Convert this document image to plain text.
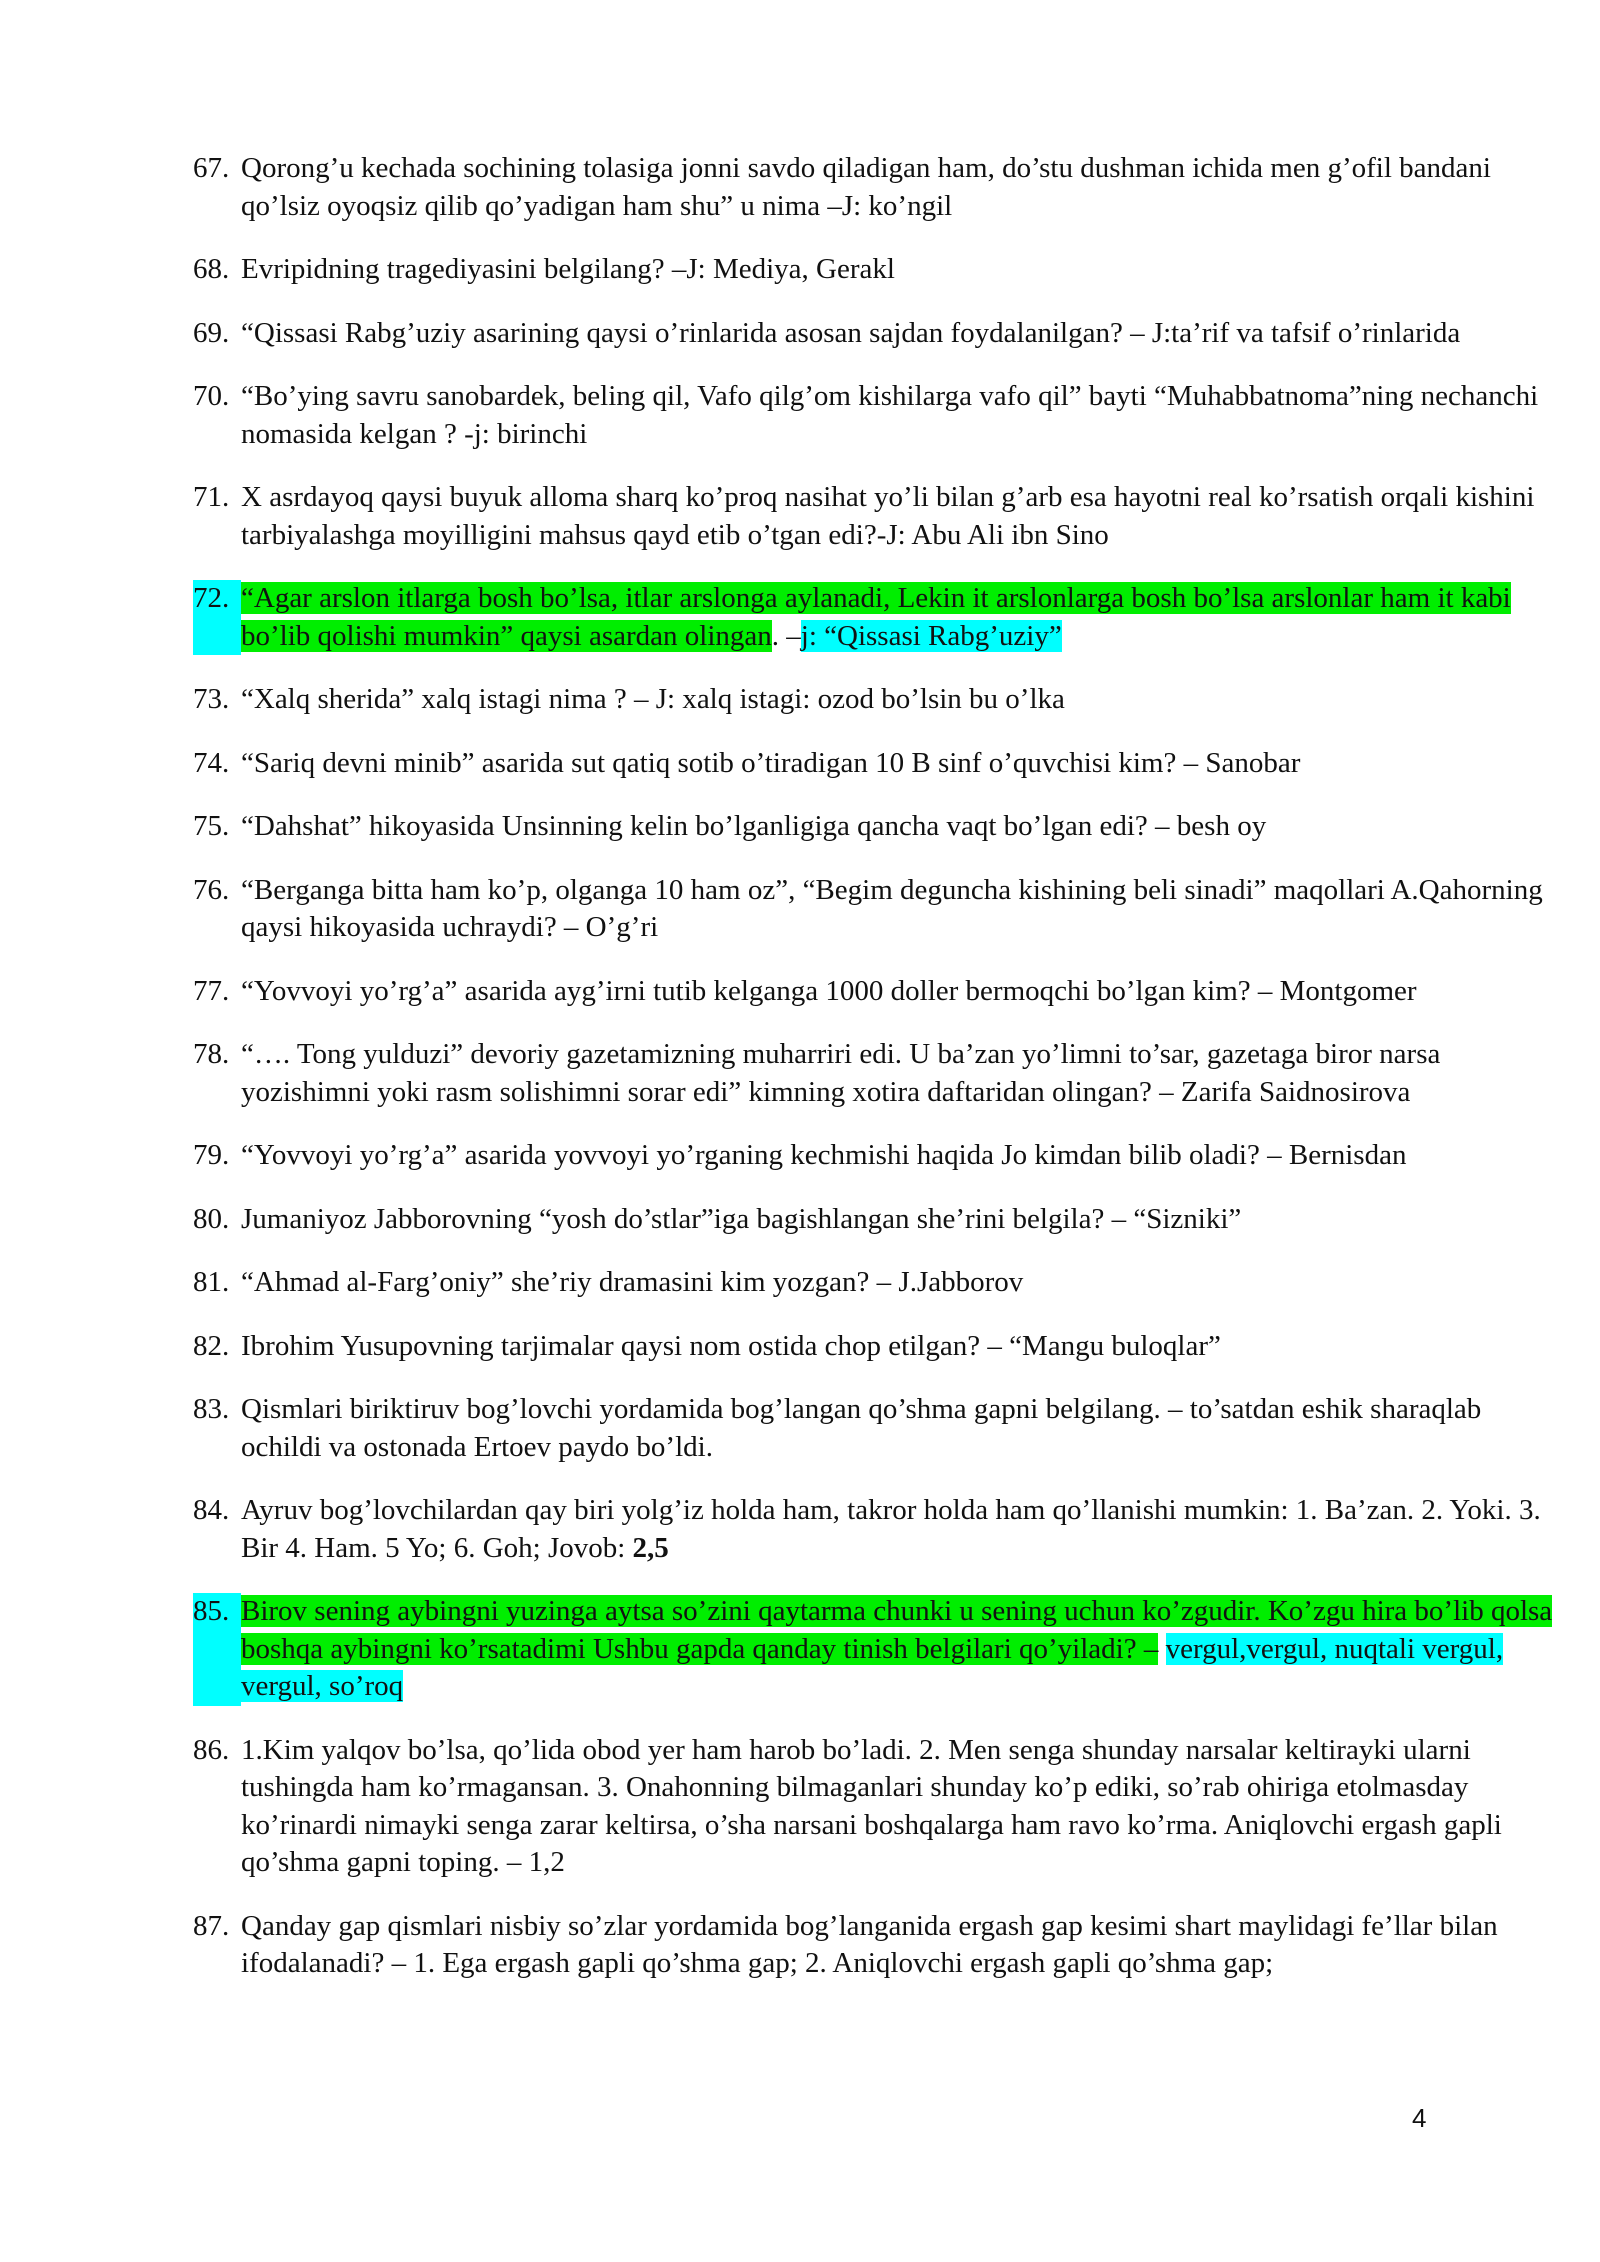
67. Qorong’u kechada sochining tolasiga jonni savdo qiladigan ham, do’stu dushman ichida men g’ofil bandani qo’lsiz oyoqsiz qilib qo’yadigan ham shu” u nima –J: ko’ngil
68. Evripidning tragediyasini belgilang? –J: Mediya, Gerakl
69. “Qissasi Rabg’uziy asarining qaysi o’rinlarida asosan sajdan foydalanilgan? – J:ta’rif va tafsif o’rinlarida
70. “Bo’ying savru sanobardek, beling qil, Vafo qilg’om kishilarga vafo qil” bayti “Muhabbatnoma”ning nechanchi nomasida kelgan ? -j: birinchi
71. X asrdayoq qaysi buyuk alloma sharq ko’proq nasihat yo’li bilan g’arb esa hayotni real ko’rsatish orqali kishini tarbiyalashga moyilligini mahsus qayd etib o’tgan edi?-J: Abu Ali ibn Sino
72. “Agar arslon itlarga bosh bo’lsa, itlar arslonga aylanadi, Lekin it arslonlarga bosh bo’lsa arslonlar ham it kabi bo’lib qolishi mumkin” qaysi asardan olingan. –j: “Qissasi Rabg’uziy”
73. “Xalq sherida” xalq istagi nima ? – J: xalq istagi: ozod bo’lsin bu o’lka
74. “Sariq devni minib” asarida sut qatiq sotib o’tiradigan 10 B sinf o’quvchisi kim? – Sanobar
75. “Dahshat” hikoyasida Unsinning kelin bo’lganligiga qancha vaqt bo’lgan edi? – besh oy
76. “Berganga bitta ham ko’p, olganga 10 ham oz”, “Begim deguncha kishining beli sinadi” maqollari A.Qahorning qaysi hikoyasida uchraydi? – O’g’ri
77. “Yovvoyi yo’rg’a” asarida ayg’irni tutib kelganga 1000 doller bermoqchi bo’lgan kim? – Montgomer
78. “…. Tong yulduzi” devoriy gazetamizning muharriri edi. U ba’zan yo’limni to’sar, gazetaga biror narsa yozishimni yoki rasm solishimni sorar edi” kimning xotira daftaridan olingan? – Zarifa Saidnosirova
79. “Yovvoyi yo’rg’a” asarida yovvoyi yo’rganing kechmishi haqida Jo kimdan bilib oladi? – Bernisdan
80. Jumaniyoz Jabborovning “yosh do’stlar”iga bagishlangan she’rini belgila? – “Sizniki”
81. “Ahmad al-Farg’oniy” she’riy dramasini kim yozgan? – J.Jabborov
82. Ibrohim Yusupovning tarjimalar qaysi nom ostida chop etilgan? – “Mangu buloqlar”
83. Qismlari biriktiruv bog’lovchi yordamida bog’langan qo’shma gapni belgilang. – to’satdan eshik sharaqlab ochildi va ostonada Ertoev paydo bo’ldi.
84. Ayruv bog’lovchilardan qay biri yolg’iz holda ham, takror holda ham qo’llanishi mumkin: 1. Ba’zan. 2. Yoki. 3. Bir 4. Ham. 5 Yo; 6. Goh; Jovob: 2,5
85. Birov sening aybingni yuzinga aytsa so’zini qaytarma chunki u sening uchun ko’zgudir. Ko’zgu hira bo’lib qolsa boshqa aybingni ko’rsatadimi Ushbu gapda qanday tinish belgilari qo’yiladi? – vergul,vergul, nuqtali vergul, vergul, so’roq
86. 1.Kim yalqov bo’lsa, qo’lida obod yer ham harob bo’ladi. 2. Men senga shunday narsalar keltirayki ularni tushingda ham ko’rmagansan. 3. Onahonning bilmaganlari shunday ko’p ediki, so’rab ohiriga etolmasday ko’rinardi nimayki senga zarar keltirsa, o’sha narsani boshqalarga ham ravo ko’rma. Aniqlovchi ergash gapli qo’shma gapni toping. – 1,2
87. Qanday gap qismlari nisbiy so’zlar yordamida bog’langanida ergash gap kesimi shart maylidagi fe’llar bilan ifodalanadi? – 1. Ega ergash gapli qo’shma gap; 2. Aniqlovchi ergash gapli qo’shma gap;
4
